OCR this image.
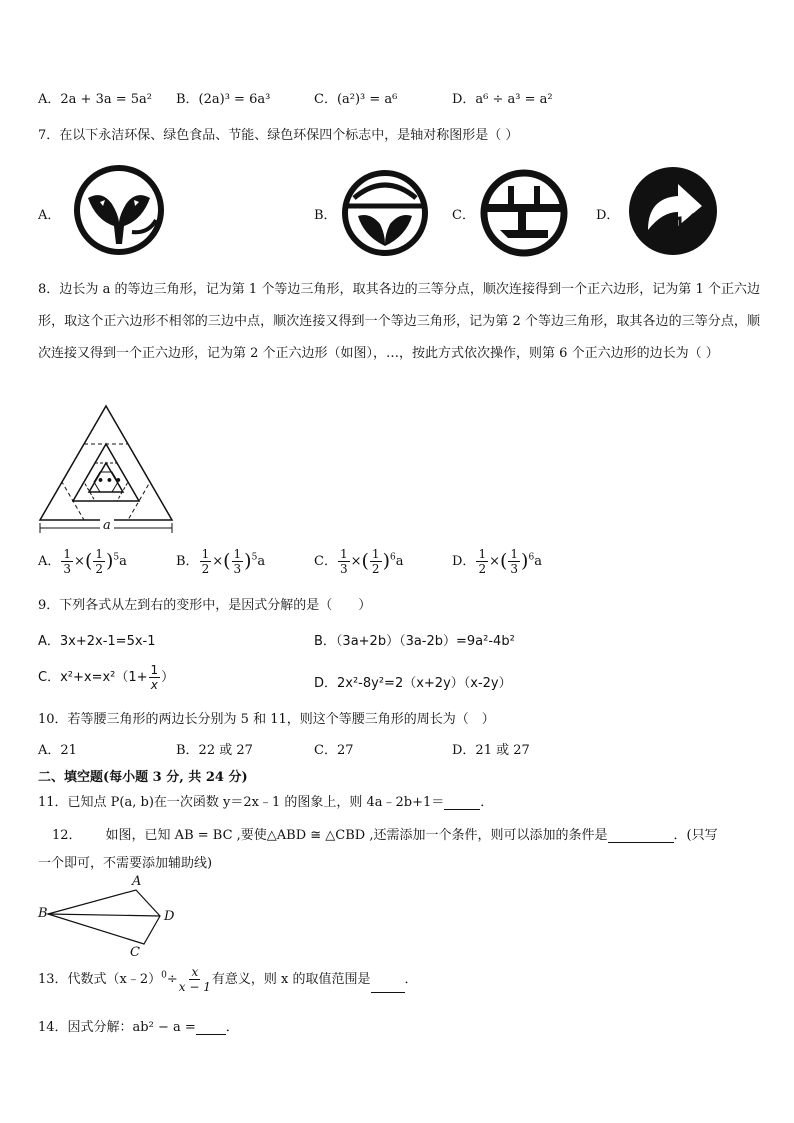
A．2a + 3a = 5a² B．(2a)³ = 6a³	C．(a²)³ = a⁶	D．a⁶ ÷ a³ = a²
7．在以下永洁环保、绿色食品、节能、绿色环保四个标志中，是轴对称图形是（ ）
A．	B．	C．	D．
8．边长为 a 的等边三角形，记为第 1 个等边三角形，取其各边的三等分点，顺次连接得到一个正六边形，记为第 1 个正六边形，取这个正六边形不相邻的三边中点，顺次连接又得到一个等边三角形，记为第 2 个等边三角形，取其各边的三等分点，顺次连接又得到一个正六边形，记为第 2 个正六边形（如图），…，按此方式依次操作，则第 6 个正六边形的边长为（ ）
• • •
a
A． $\frac{1}{3}$ ×( $\frac{1}{2} )^5a$	B． $\frac{1}{2}$ ×( $\frac{1}{3} )^5a$	C． $\frac{1}{3}$ ×( $\frac{1}{2} )^6a$	D． $\frac{1}{2}$ ×( $\frac{1}{3} )^6a$
9．下列各式从左到右的变形中，是因式分解的是（　　）
A．3x+2x-1=5x-1	B．（3a+2b）（3a-2b）=9a²-4b²
C．$x^2+x=x^2(1+ \frac{1}{x}$ ）	D．2x²-8y²=2（x+2y）（x-2y）
10．若等腰三角形的两边长分别为 5 和 11，则这个等腰三角形的周长为（　）
A．21	B．22 或 27	C．27	D．21 或 27
二、填空题(每小题 3 分, 共 24 分)
11．已知点 P(a, b)在一次函数 y＝2x﹣1 的图象上，则 4a﹣2b+1＝	．
12． 如图，已知 AB = BC ,要使△ABD ≅ △CBD ,还需添加一个条件，则可以添加的条件是	．(只写
一个即可，不需要添加辅助线)
A
B	D
C
13．代数式（x﹣2）$^0$÷ $\frac{x}{x - 1}$ 有意义，则 x 的取值范围是	．
14．因式分解：ab² − a = ．
